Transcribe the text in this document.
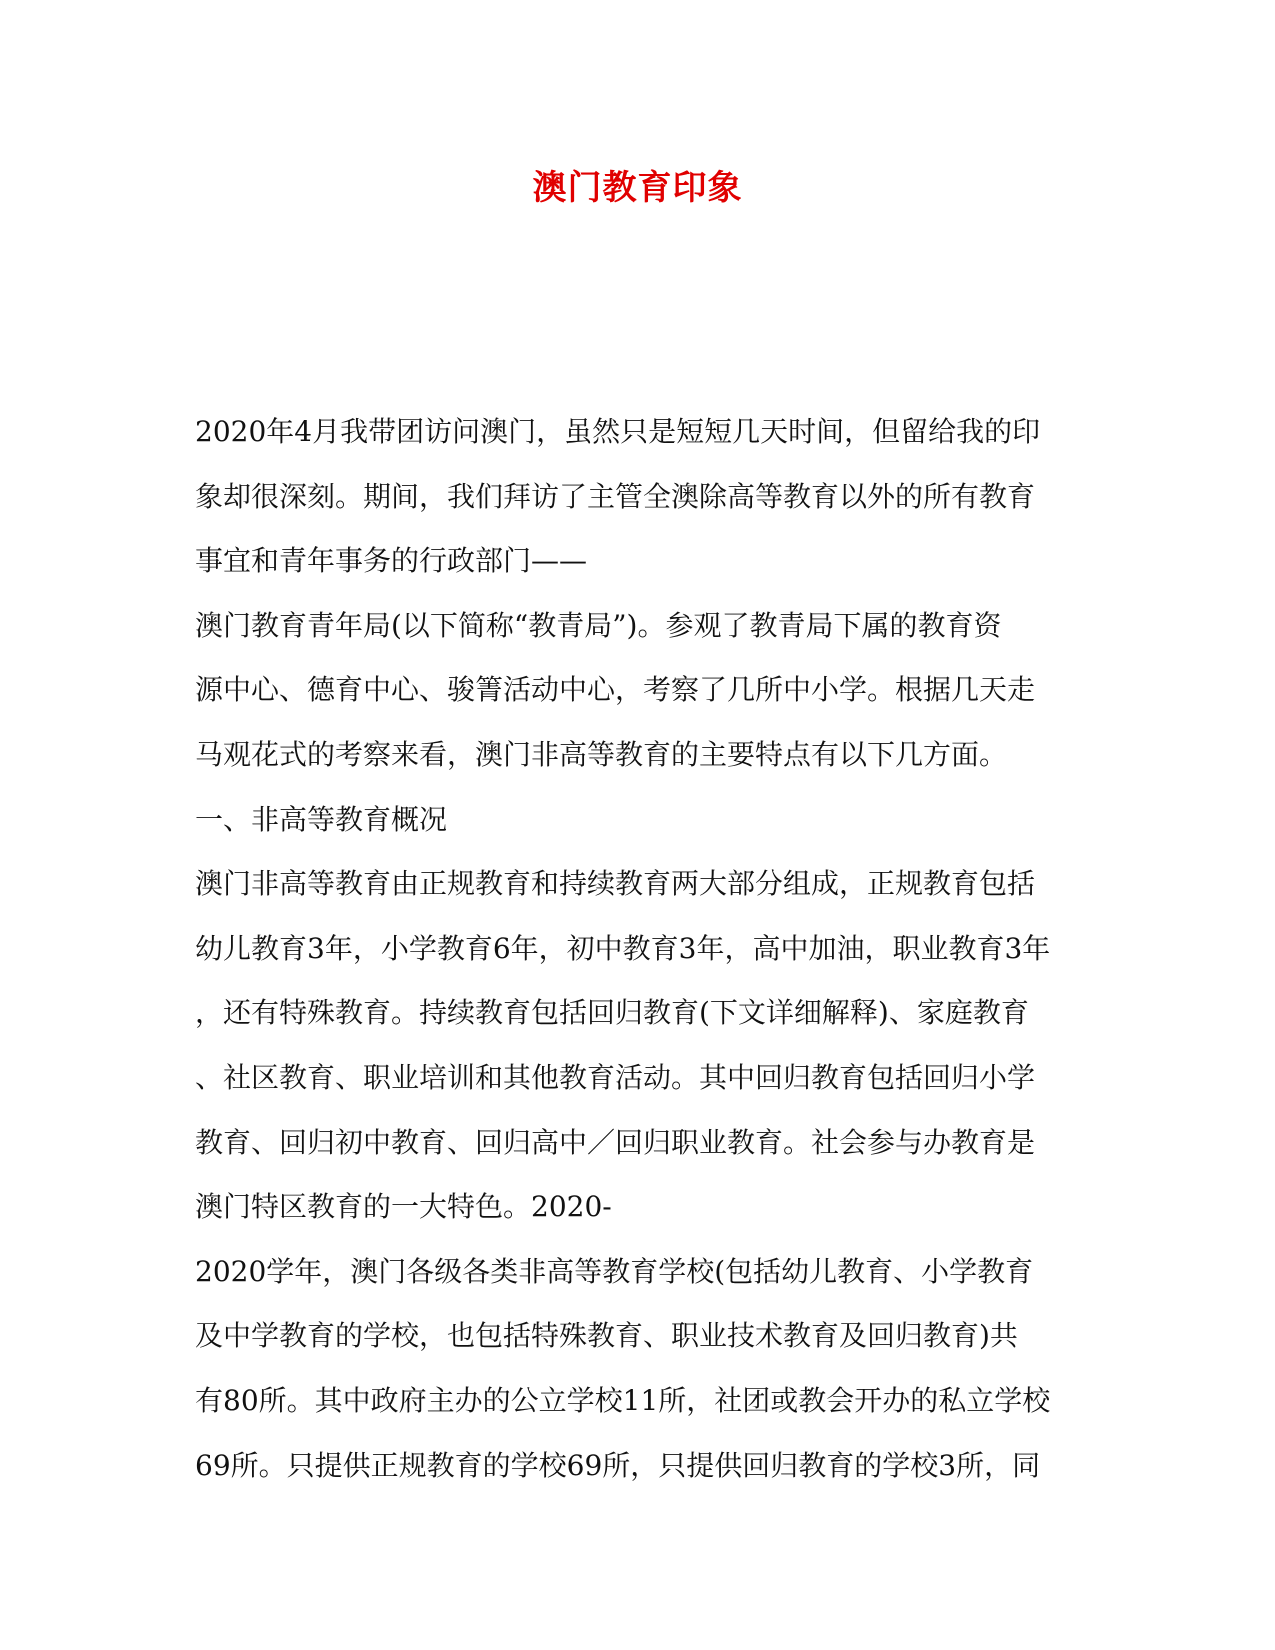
澳门教育印象
2020年4月我带团访问澳门，虽然只是短短几天时间，但留给我的印
象却很深刻。期间，我们拜访了主管全澳除高等教育以外的所有教育
事宜和青年事务的行政部门——
澳门教育青年局(以下简称“教青局”)。参观了教青局下属的教育资
源中心、德育中心、骏箐活动中心，考察了几所中小学。根据几天走
马观花式的考察来看，澳门非高等教育的主要特点有以下几方面。
一、非高等教育概况
澳门非高等教育由正规教育和持续教育两大部分组成，正规教育包括
幼儿教育3年，小学教育6年，初中教育3年，高中加油，职业教育3年
，还有特殊教育。持续教育包括回归教育(下文详细解释)、家庭教育
、社区教育、职业培训和其他教育活动。其中回归教育包括回归小学
教育、回归初中教育、回归高中／回归职业教育。社会参与办教育是
澳门特区教育的一大特色。2020-
2020学年，澳门各级各类非高等教育学校(包括幼儿教育、小学教育
及中学教育的学校，也包括特殊教育、职业技术教育及回归教育)共
有80所。其中政府主办的公立学校11所，社团或教会开办的私立学校
69所。只提供正规教育的学校69所，只提供回归教育的学校3所，同
